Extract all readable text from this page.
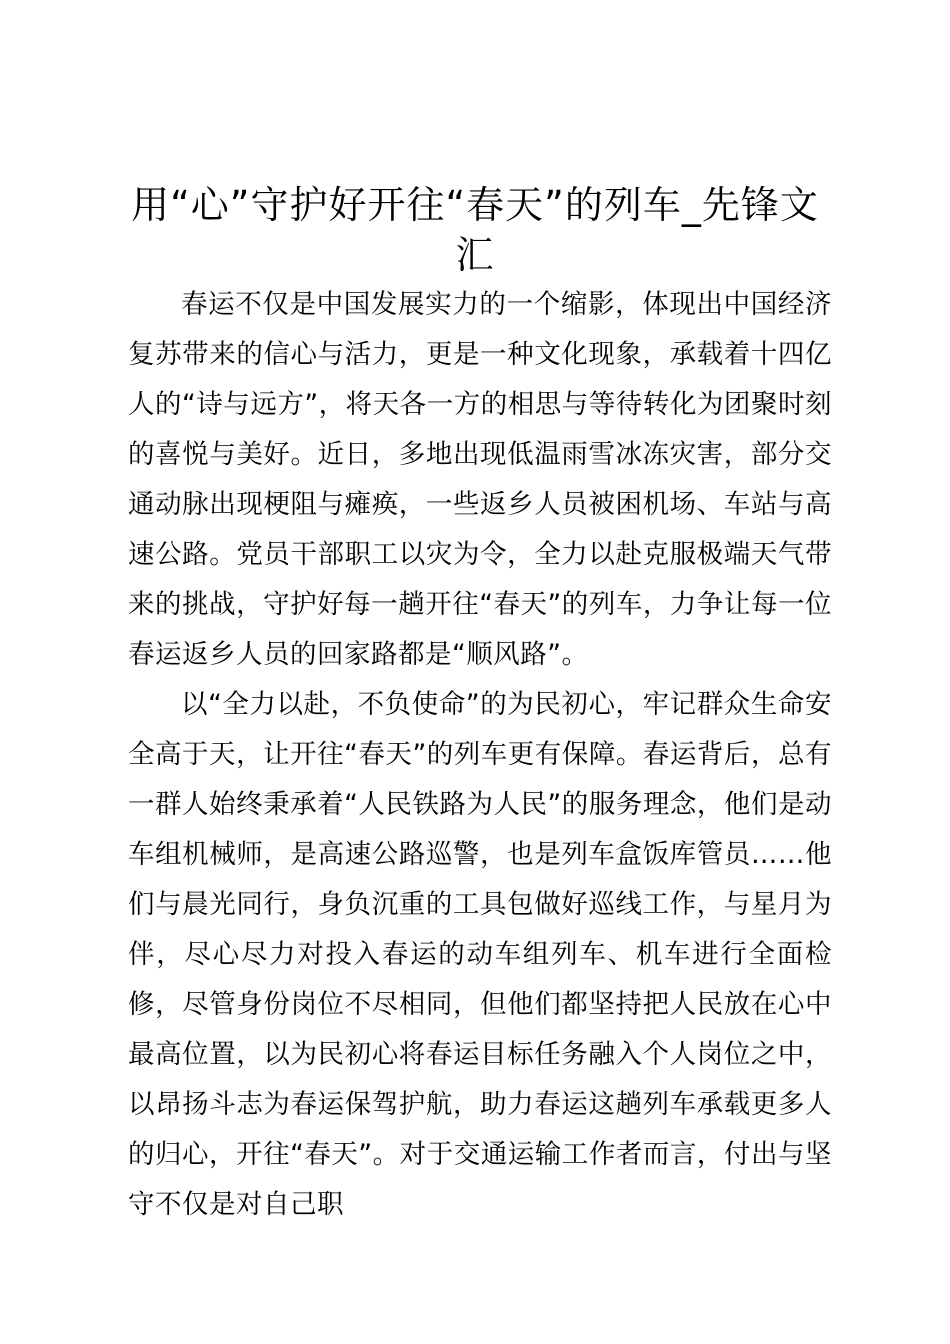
用“心”守护好开往“春天”的列车_先锋文汇

春运不仅是中国发展实力的一个缩影，体现出中国经济复苏带来的信心与活力，更是一种文化现象，承载着十四亿人的“诗与远方”，将天各一方的相思与等待转化为团聚时刻的喜悦与美好。近日，多地出现低温雨雪冰冻灾害，部分交通动脉出现梗阻与瘫痪，一些返乡人员被困机场、车站与高速公路。党员干部职工以灾为令，全力以赴克服极端天气带来的挑战，守护好每一趟开往“春天”的列车，力争让每一位春运返乡人员的回家路都是“顺风路”。

以“全力以赴，不负使命”的为民初心，牢记群众生命安全高于天，让开往“春天”的列车更有保障。春运背后，总有一群人始终秉承着“人民铁路为人民”的服务理念，他们是动车组机械师，是高速公路巡警，也是列车盒饭库管员……他们与晨光同行，身负沉重的工具包做好巡线工作，与星月为伴，尽心尽力对投入春运的动车组列车、机车进行全面检修，尽管身份岗位不尽相同，但他们都坚持把人民放在心中最高位置，以为民初心将春运目标任务融入个人岗位之中，以昂扬斗志为春运保驾护航，助力春运这趟列车承载更多人的归心，开往“春天”。对于交通运输工作者而言，付出与坚守不仅是对自己职
